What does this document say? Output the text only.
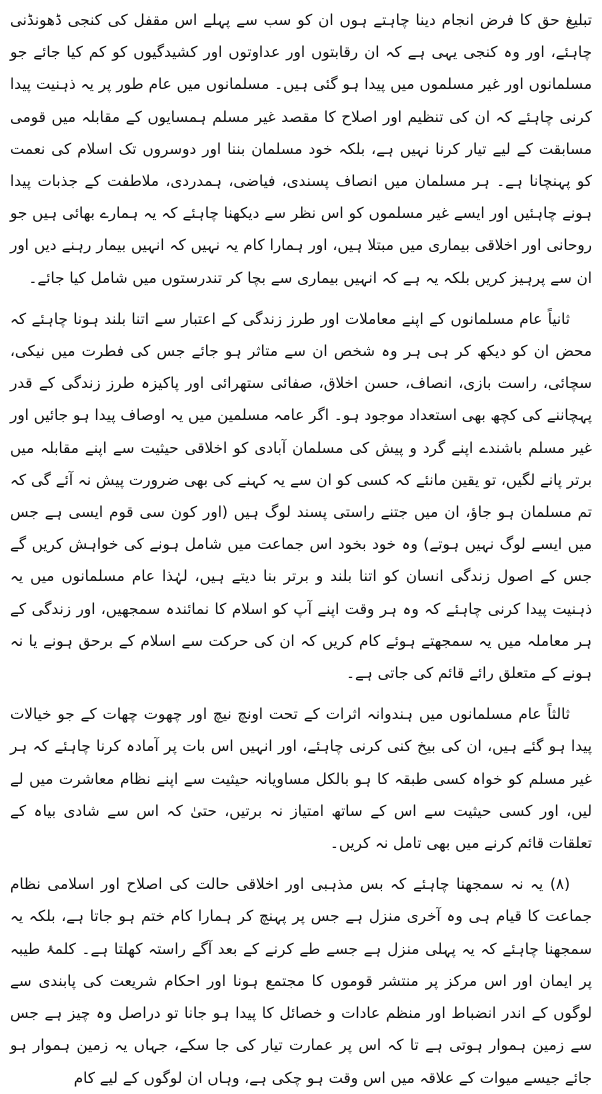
تبلیغ حق کا فرض انجام دینا چاہتے ہوں ان کو سب سے پہلے اس مقفل کی کنجی ڈھونڈنی چاہئے، اور وہ کنجی یہی ہے کہ ان رقابتوں اور عداوتوں اور کشیدگیوں کو کم کیا جائے جو مسلمانوں اور غیر مسلموں میں پیدا ہو گئی ہیں۔ مسلمانوں میں عام طور پر یہ ذہنیت پیدا کرنی چاہئے کہ ان کی تنظیم اور اصلاح کا مقصد غیر مسلم ہمسایوں کے مقابلہ میں قومی مسابقت کے لیے تیار کرنا نہیں ہے، بلکہ خود مسلمان بننا اور دوسروں تک اسلام کی نعمت کو پہنچانا ہے۔ ہر مسلمان میں انصاف پسندی، فیاضی، ہمدردی، ملاطفت کے جذبات پیدا ہونے چاہئیں اور ایسے غیر مسلموں کو اس نظر سے دیکھنا چاہئے کہ یہ ہمارے بھائی ہیں جو روحانی اور اخلاقی بیماری میں مبتلا ہیں، اور ہمارا کام یہ نہیں کہ انہیں بیمار رہنے دیں اور ان سے پرہیز کریں بلکہ یہ ہے کہ انہیں بیماری سے بچا کر تندرستوں میں شامل کیا جائے۔

ثانیاً عام مسلمانوں کے اپنے معاملات اور طرز زندگی کے اعتبار سے اتنا بلند ہونا چاہئے کہ محض ان کو دیکھ کر ہی ہر وہ شخص ان سے متاثر ہو جائے جس کی فطرت میں نیکی، سچائی، راست بازی، انصاف، حسن اخلاق، صفائی ستھرائی اور پاکیزہ طرز زندگی کے قدر پہچاننے کی کچھ بھی استعداد موجود ہو۔ اگر عامہ مسلمین میں یہ اوصاف پیدا ہو جائیں اور غیر مسلم باشندے اپنے گرد و پیش کی مسلمان آبادی کو اخلاقی حیثیت سے اپنے مقابلہ میں برتر پانے لگیں، تو یقین مانئے کہ کسی کو ان سے یہ کہنے کی بھی ضرورت پیش نہ آئے گی کہ تم مسلمان ہو جاؤ، ان میں جتنے راستی پسند لوگ ہیں (اور کون سی قوم ایسی ہے جس میں ایسے لوگ نہیں ہوتے) وہ خود بخود اس جماعت میں شامل ہونے کی خواہش کریں گے جس کے اصول زندگی انسان کو اتنا بلند و برتر بنا دیتے ہیں، لہٰذا عام مسلمانوں میں یہ ذہنیت پیدا کرنی چاہئے کہ وہ ہر وقت اپنے آپ کو اسلام کا نمائندہ سمجھیں، اور زندگی کے ہر معاملہ میں یہ سمجھتے ہوئے کام کریں کہ ان کی حرکت سے اسلام کے برحق ہونے یا نہ ہونے کے متعلق رائے قائم کی جاتی ہے۔

ثالثاً عام مسلمانوں میں ہندوانہ اثرات کے تحت اونچ نیچ اور چھوت چھات کے جو خیالات پیدا ہو گئے ہیں، ان کی بیخ کنی کرنی چاہئے، اور انہیں اس بات پر آمادہ کرنا چاہئے کہ ہر غیر مسلم کو خواہ کسی طبقہ کا ہو بالکل مساویانہ حیثیت سے اپنے نظام معاشرت میں لے لیں، اور کسی حیثیت سے اس کے ساتھ امتیاز نہ برتیں، حتیٰ کہ اس سے شادی بیاہ کے تعلقات قائم کرنے میں بھی تامل نہ کریں۔

(۸) یہ نہ سمجھنا چاہئے کہ بس مذہبی اور اخلاقی حالت کی اصلاح اور اسلامی نظام جماعت کا قیام ہی وہ آخری منزل ہے جس پر پہنچ کر ہمارا کام ختم ہو جاتا ہے، بلکہ یہ سمجھنا چاہئے کہ یہ پہلی منزل ہے جسے طے کرنے کے بعد آگے راستہ کھلتا ہے۔ کلمۂ طیبہ پر ایمان اور اس مرکز پر منتشر قوموں کا مجتمع ہونا اور احکام شریعت کی پابندی سے لوگوں کے اندر انضباط اور منظم عادات و خصائل کا پیدا ہو جانا تو دراصل وہ چیز ہے جس سے زمین ہموار ہوتی ہے تا کہ اس پر عمارت تیار کی جا سکے، جہاں یہ زمین ہموار ہو جائے جیسے میوات کے علاقہ میں اس وقت ہو چکی ہے، وہاں ان لوگوں کے لیے کام
